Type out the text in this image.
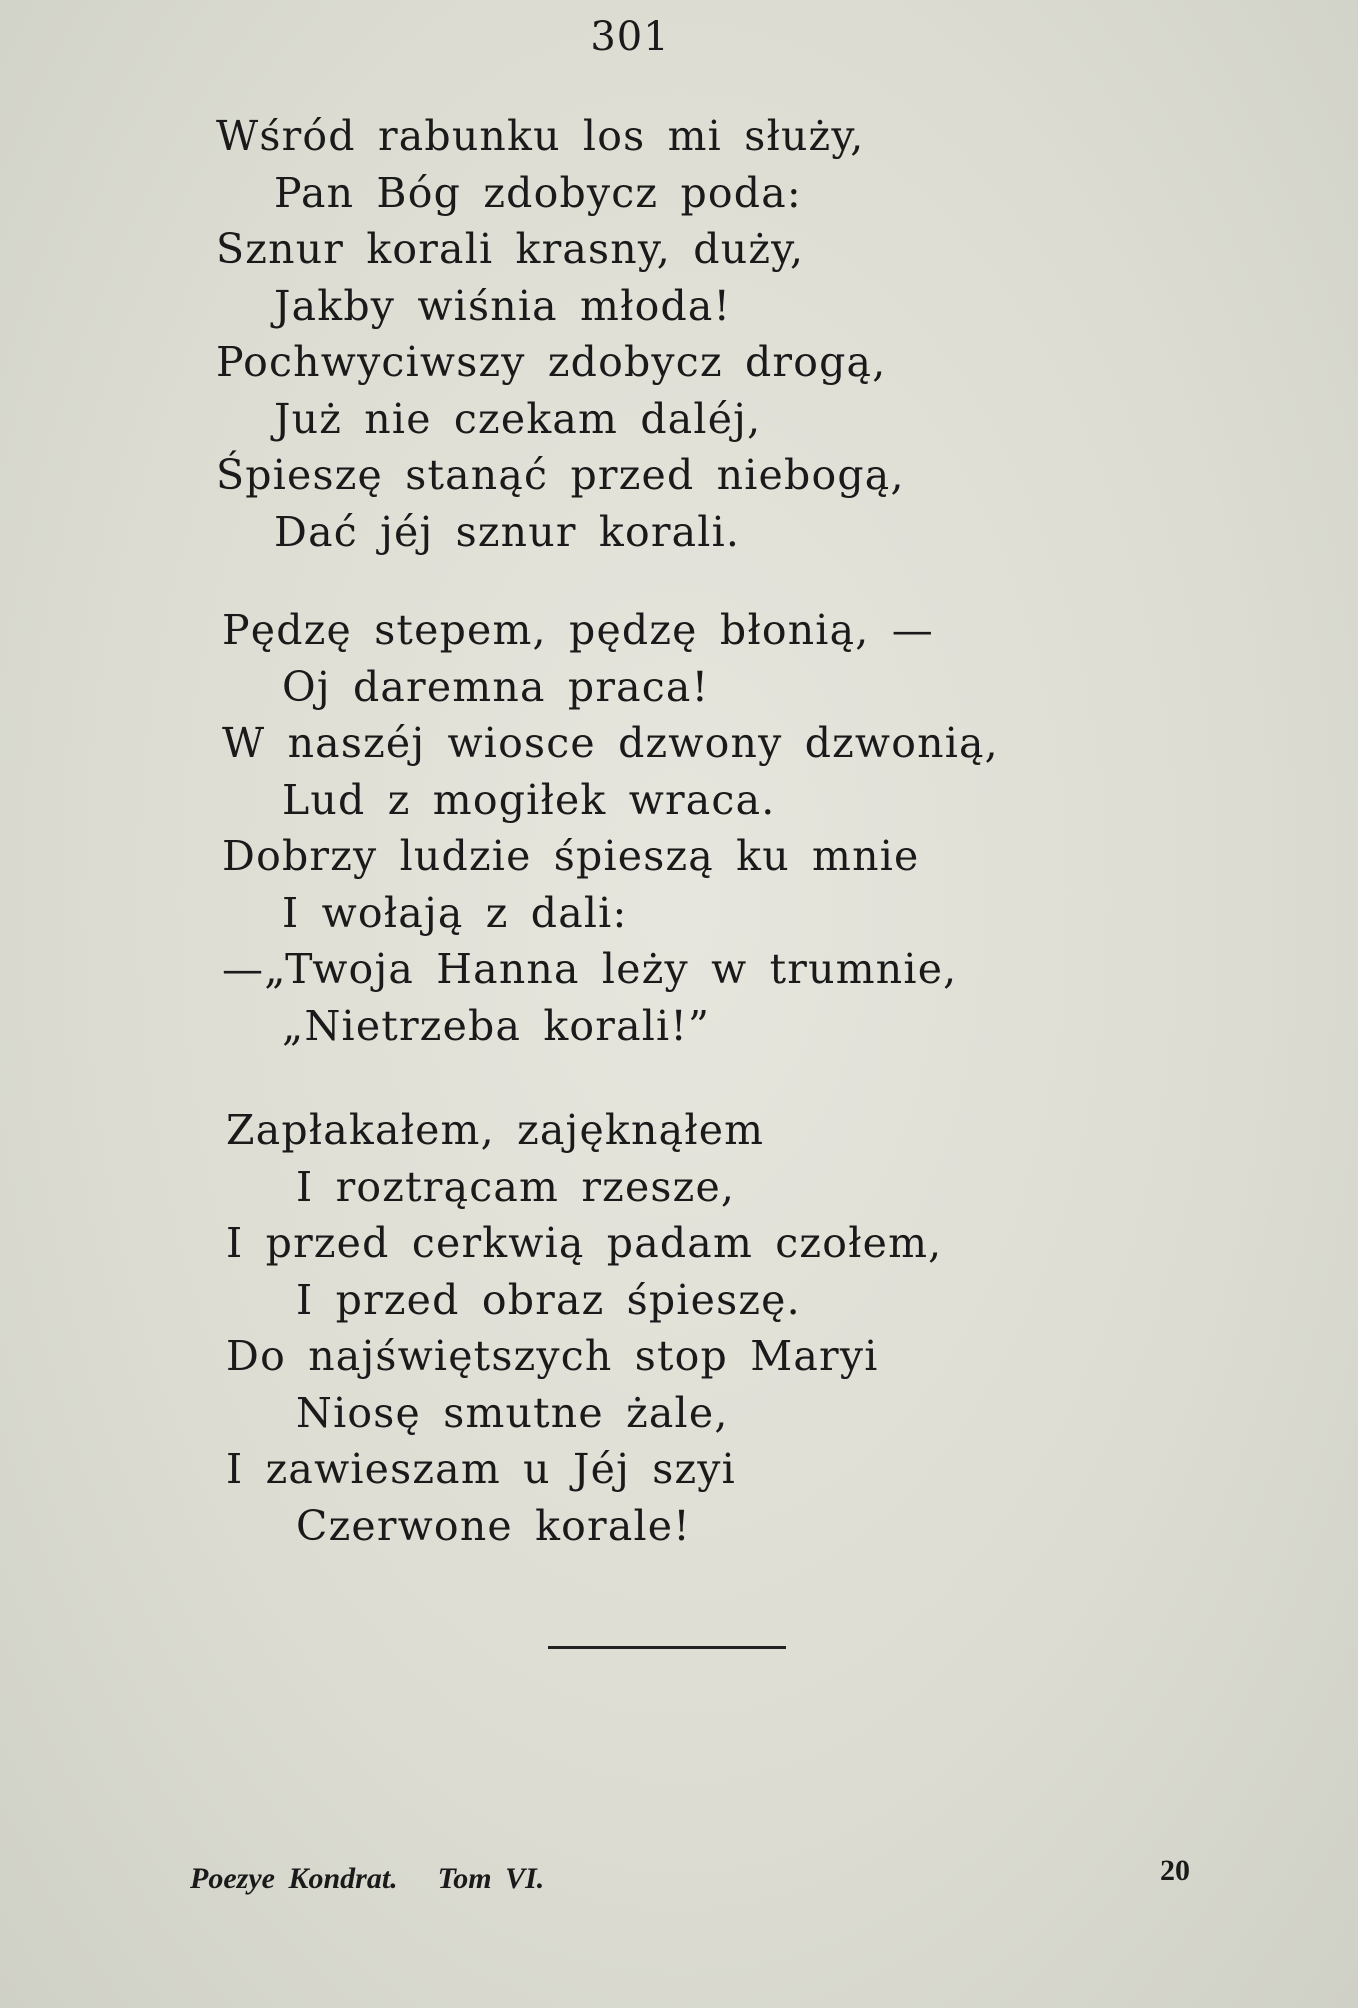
301
Wśród rabunku los mi służy,
Pan Bóg zdobycz poda:
Sznur korali krasny, duży,
Jakby wiśnia młoda!
Pochwyciwszy zdobycz drogą,
Już nie czekam daléj,
Śpieszę stanąć przed niebogą,
Dać jéj sznur korali.
Pędzę stepem, pędzę błonią, —
Oj daremna praca!
W naszéj wiosce dzwony dzwonią,
Lud z mogiłek wraca.
Dobrzy ludzie śpieszą ku mnie
I wołają z dali:
—„Twoja Hanna leży w trumnie,
„Nietrzeba korali!”
Zapłakałem, zajęknąłem
I roztrącam rzesze,
I przed cerkwią padam czołem,
I przed obraz śpieszę.
Do najświętszych stop Maryi
Niosę smutne żale,
I zawieszam u Jéj szyi
Czerwone korale!
Poezye Kondrat. Tom VI.	20
